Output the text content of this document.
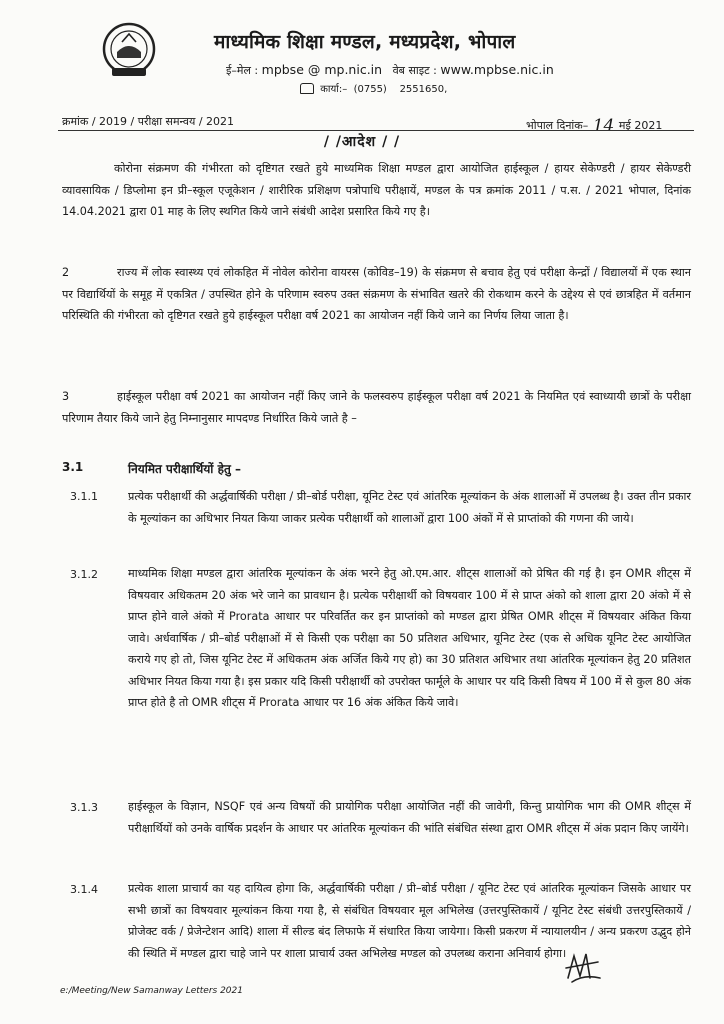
माध्यमिक शिक्षा मण्डल, मध्यप्रदेश, भोपाल
ई–मेल : mpbse @ mp.nic.in वेब साइट : www.mpbse.nic.in
कार्या:– (0755) 2551650,
क्रमांक / 2019 / परीक्षा समन्वय / 2021	भोपाल दिनांक– 14 मई 2021
/ /आदेश / /
कोरोना संक्रमण की गंभीरता को दृष्टिगत रखते हुये माध्यमिक शिक्षा मण्डल द्वारा आयोजित हाईस्कूल / हायर सेकेण्डरी / हायर सेकेण्डरी व्यावसायिक / डिप्लोमा इन प्री–स्कूल एजूकेशन / शारीरिक प्रशिक्षण पत्रोपाधि परीक्षायें, मण्डल के पत्र क्रमांक 2011 / प.स. / 2021 भोपाल, दिनांक 14.04.2021 द्वारा 01 माह के लिए स्थगित किये जाने संबंधी आदेश प्रसारित किये गए है।
2	राज्य में लोक स्वास्थ्य एवं लोकहित में नोवेल कोरोना वायरस (कोविड–19) के संक्रमण से बचाव हेतु एवं परीक्षा केन्द्रों / विद्यालयों में एक स्थान पर विद्यार्थियों के समूह में एकत्रित / उपस्थित होने के परिणाम स्वरुप उक्त संक्रमण के संभावित खतरे की रोकथाम करने के उद्देश्य से एवं छात्रहित में वर्तमान परिस्थिति की गंभीरता को दृष्टिगत रखते हुये हाईस्कूल परीक्षा वर्ष 2021 का आयोजन नहीं किये जाने का निर्णय लिया जाता है।
3	हाईस्कूल परीक्षा वर्ष 2021 का आयोजन नहीं किए जाने के फलस्वरुप हाईस्कूल परीक्षा वर्ष 2021 के नियमित एवं स्वाध्यायी छात्रों के परीक्षा परिणाम तैयार किये जाने हेतु निम्नानुसार मापदण्ड निर्धारित किये जाते है –
3.1	नियमित परीक्षार्थियों हेतु –
3.1.1	प्रत्येक परीक्षार्थी की अर्द्धवार्षिकी परीक्षा / प्री–बोर्ड परीक्षा, यूनिट टेस्ट एवं आंतरिक मूल्यांकन के अंक शालाओं में उपलब्ध है। उक्त तीन प्रकार के मूल्यांकन का अधिभार नियत किया जाकर प्रत्येक परीक्षार्थी को शालाओं द्वारा 100 अंकों में से प्राप्तांको की गणना की जाये।
3.1.2	माध्यमिक शिक्षा मण्डल द्वारा आंतरिक मूल्यांकन के अंक भरने हेतु ओ.एम.आर. शीट्स शालाओं को प्रेषित की गई है। इन OMR शीट्स में विषयवार अधिकतम 20 अंक भरे जाने का प्रावधान है। प्रत्येक परीक्षार्थी को विषयवार 100 में से प्राप्त अंको को शाला द्वारा 20 अंको में से प्राप्त होने वाले अंको में Prorata आधार पर परिवर्तित कर इन प्राप्तांको को मण्डल द्वारा प्रेषित OMR शीट्स में विषयवार अंकित किया जावे। अर्धवार्षिक / प्री–बोर्ड परीक्षाओं में से किसी एक परीक्षा का 50 प्रतिशत अधिभार, यूनिट टेस्ट (एक से अधिक यूनिट टेस्ट आयोजित कराये गए हो तो, जिस यूनिट टेस्ट में अधिकतम अंक अर्जित किये गए हो) का 30 प्रतिशत अधिभार तथा आंतरिक मूल्यांकन हेतु 20 प्रतिशत अधिभार नियत किया गया है। इस प्रकार यदि किसी परीक्षार्थी को उपरोक्त फार्मूले के आधार पर यदि किसी विषय में 100 में से कुल 80 अंक प्राप्त होते है तो OMR शीट्स में Prorata आधार पर 16 अंक अंकित किये जावे।
3.1.3	हाईस्कूल के विज्ञान, NSQF एवं अन्य विषयों की प्रायोगिक परीक्षा आयोजित नहीं की जावेगी, किन्तु प्रायोगिक भाग की OMR शीट्स में परीक्षार्थियों को उनके वार्षिक प्रदर्शन के आधार पर आंतरिक मूल्यांकन की भांति संबंधित संस्था द्वारा OMR शीट्स में अंक प्रदान किए जायेंगे।
3.1.4	प्रत्येक शाला प्राचार्य का यह दायित्व होगा कि, अर्द्धवार्षिकी परीक्षा / प्री–बोर्ड परीक्षा / यूनिट टेस्ट एवं आंतरिक मूल्यांकन जिसके आधार पर सभी छात्रों का विषयवार मूल्यांकन किया गया है, से संबंधित विषयवार मूल अभिलेख (उत्तरपुस्तिकायें / यूनिट टेस्ट संबंधी उत्तरपुस्तिकायें / प्रोजेक्ट वर्क / प्रेजेन्टेशन आदि) शाला में सील्ड बंद लिफाफे में संधारित किया जायेगा। किसी प्रकरण में न्यायालयीन / अन्य प्रकरण उद्भुद होने की स्थिति में मण्डल द्वारा चाहे जाने पर शाला प्राचार्य उक्त अभिलेख मण्डल को उपलब्ध कराना अनिवार्य होगा।
e:/Meeting/New Samanway Letters 2021
